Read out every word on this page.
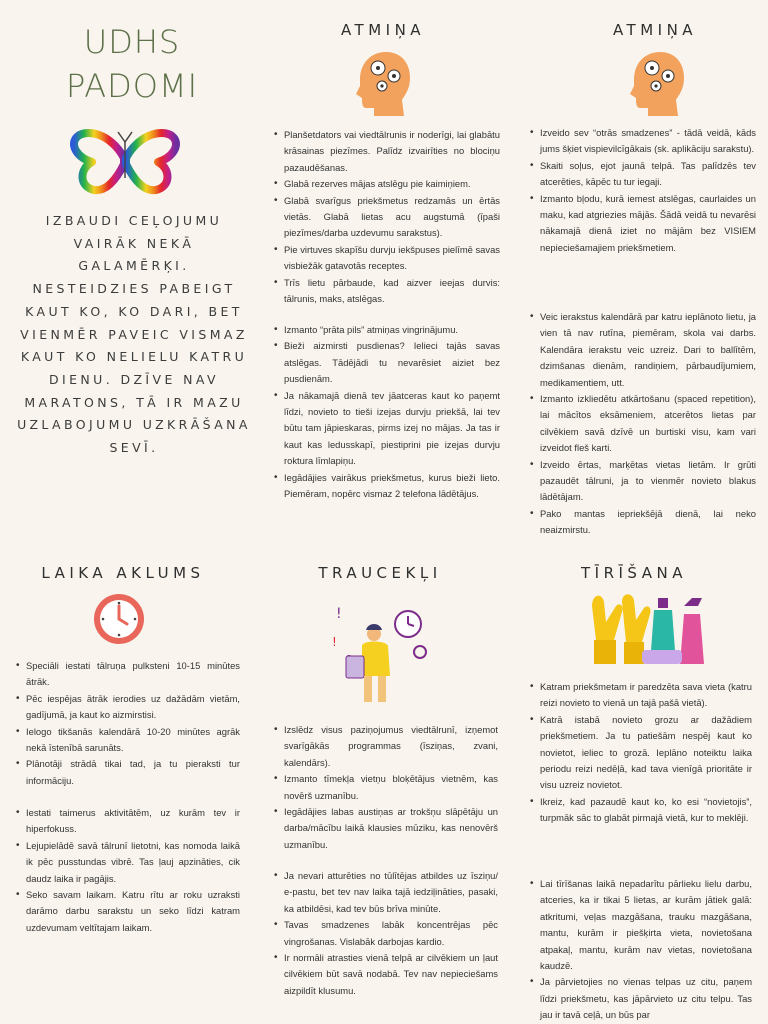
UDHS PADOMI
IZBAUDI CEĻOJUMU VAIRĀK NEKĀ GALAMĒRĶI. NESTEIDZIES PABEIGT KAUT KO, KO DARI, BET VIENMĒR PAVEIC VISMAZ KAUT KO NELIELU KATRU DIENU. DZĪVE NAV MARATONS, TĀ IR MAZU UZLABOJUMU UZKRĀŠANA SEVĪ.
ATMIŅA
• Planšetdators vai viedtālrunis ir noderīgi, lai glabātu krāsainas piezīmes. Palīdz izvairīties no blociņu pazaudēšanas.
• Glabā rezerves mājas atslēgu pie kaimiņiem.
• Glabā svarīgus priekšmetus redzamās un ērtās vietās. Glabā lietas acu augstumā (īpaši piezīmes/darba uzdevumu sarakstus).
• Pie virtuves skapīšu durvju iekšpuses pielīmē savas visbiežāk gatavotās receptes.
• Trīs lietu pārbaude, kad aizver ieejas durvis: tālrunis, maks, atslēgas.
• Izmanto “prāta pils” atmiņas vingrinājumu.
• Bieži aizmirsti pusdienas? Ielieci tajās savas atslēgas. Tādējādi tu nevarēsiet aiziet bez pusdienām.
• Ja nākamajā dienā tev jāatceras kaut ko paņemt līdzi, novieto to tieši izejas durvju priekšā, lai tev būtu tam jāpieskaras, pirms izej no mājas. Ja tas ir kaut kas ledusskapī, piestiprini pie izejas durvju roktura līmlapiņu.
• Iegādājies vairākus priekšmetus, kurus bieži lieto. Piemēram, nopērc vismaz 2 telefona lādētājus.
ATMIŅA
• Izveido sev “otrās smadzenes” - tādā veidā, kāds jums šķiet vispievilcīgākais (sk. aplikāciju sarakstu).
• Skaiti soļus, ejot jaunā telpā. Tas palīdzēs tev atcerēties, kāpēc tu tur iegaji.
• Izmanto bļodu, kurā iemest atslēgas, caurlaides un maku, kad atgriezies mājās. Šādā veidā tu nevarēsi nākamajā dienā iziet no mājām bez VISIEM nepieciešamajiem priekšmetiem.
• Veic ierakstus kalendārā par katru ieplānoto lietu, ja vien tā nav rutīna, piemēram, skola vai darbs. Kalendāra ierakstu veic uzreiz. Dari to ballītēm, dzimšanas dienām, randiņiem, pārbaudījumiem, medikamentiem, utt.
• Izmanto izkliedētu atkārtošanu (spaced repetition), lai mācītos eksāmeniem, atcerētos lietas par cilvēkiem savā dzīvē un burtiski visu, kam vari izveidot fleš karti.
• Izveido ērtas, marķētas vietas lietām. Ir grūti pazaudēt tālruni, ja to vienmēr novieto blakus lādētājam.
• Pako mantas iepriekšējā dienā, lai neko neaizmirstu.
LAIKA AKLUMS
• Speciāli iestati tālruņa pulksteni 10-15 minūtes ātrāk.
• Pēc iespējas ātrāk ierodies uz dažādām vietām, gadījumā, ja kaut ko aizmirstisi.
• Ielogo tikšanās kalendārā 10-20 minūtes agrāk nekā īstenībā sarunāts.
• Plānotāji strādā tikai tad, ja tu pieraksti tur informāciju.
• Iestati taimerus aktivitātēm, uz kurām tev ir hiperfokuss.
• Lejupielādē savā tālrunī lietotni, kas nomoda laikā ik pēc pusstundas vibrē. Tas ļauj apzināties, cik daudz laika ir pagājis.
• Seko savam laikam. Katru rītu ar roku uzraksti darāmo darbu sarakstu un seko līdzi katram uzdevumam veltītajam laikam.
TRAUCEKĻI
!
!
• Izslēdz visus paziņojumus viedtālrunī, izņemot svarīgākās programmas (īsziņas, zvani, kalendārs).
• Izmanto tīmekļa vietņu bloķētājus vietnēm, kas novērš uzmanību.
• Iegādājies labas austiņas ar trokšņu slāpētāju un darba/mācību laikā klausies mūziku, kas nenovērš uzmanību.
• Ja nevari atturēties no tūlītējas atbildes uz īsziņu/ e-pastu, bet tev nav laika tajā iedziļināties, pasaki, ka atbildēsi, kad tev būs brīva minūte.
• Tavas smadzenes labāk koncentrējas pēc vingrošanas. Vislabāk darbojas kardio.
• Ir normāli atrasties vienā telpā ar cilvēkiem un ļaut cilvēkiem būt savā nodabā. Tev nav nepieciešams aizpildīt klusumu.
TĪRĪŠANA
• Katram priekšmetam ir paredzēta sava vieta (katru reizi novieto to vienā un tajā pašā vietā).
• Katrā istabā novieto grozu ar dažādiem priekšmetiem. Ja tu patiešām nespēj kaut ko novietot, ieliec to grozā. Ieplāno noteiktu laika periodu reizi nedēļā, kad tava vienīgā prioritāte ir visu uzreiz novietot.
• Ikreiz, kad pazaudē kaut ko, ko esi “novietojis”, turpmāk sāc to glabāt pirmajā vietā, kur to meklēji.
• Lai tīrīšanas laikā nepadarītu pārlieku lielu darbu, atceries, ka ir tikai 5 lietas, ar kurām jātiek galā: atkritumi, veļas mazgāšana, trauku mazgāšana, mantu, kurām ir piešķirta vieta, novietošana atpakaļ, mantu, kurām nav vietas, novietošana kaudzē.
• Ja pārvietojies no vienas telpas uz citu, paņem līdzi priekšmetu, kas jāpārvieto uz citu telpu. Tas jau ir tavā ceļā, un būs par
